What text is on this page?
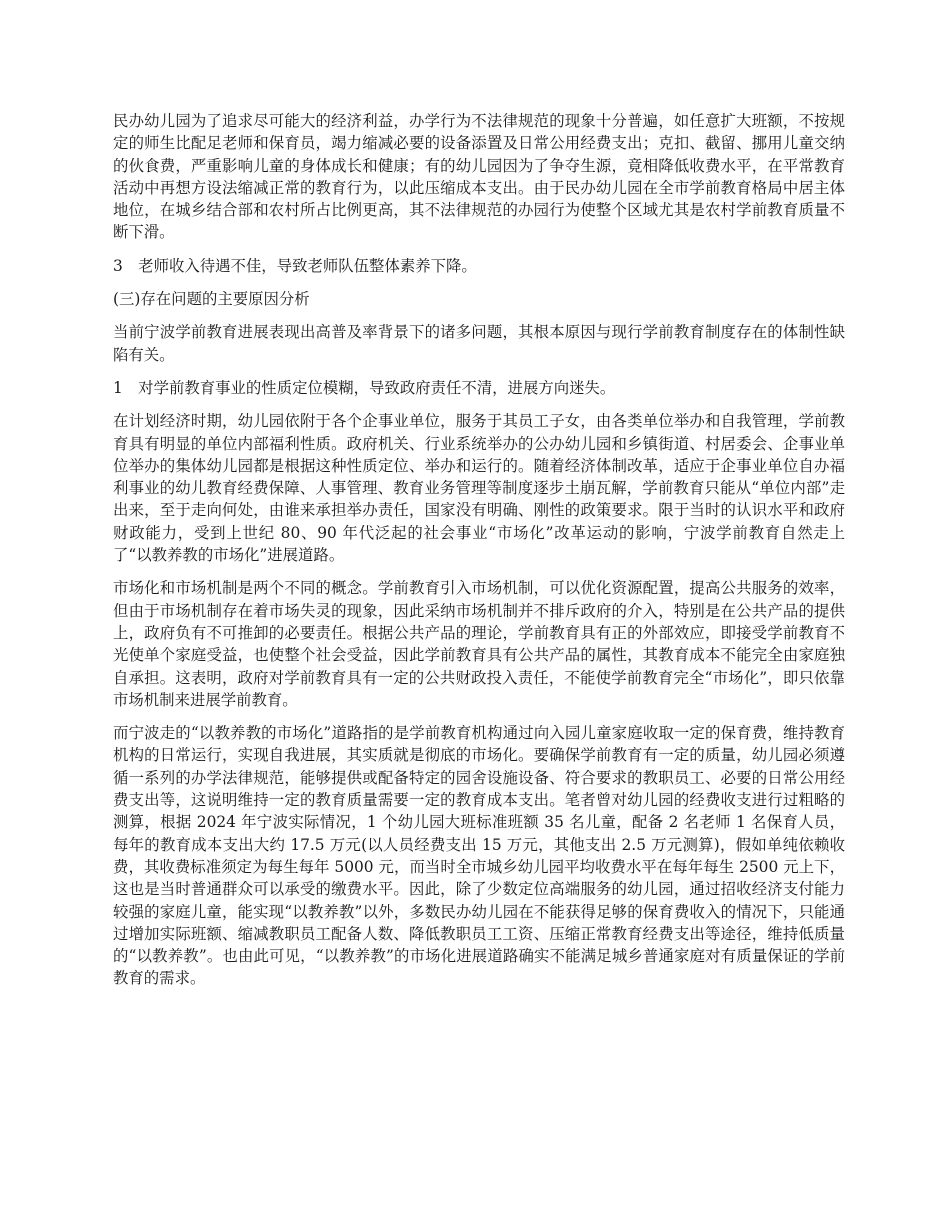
民办幼儿园为了追求尽可能大的经济利益，办学行为不法律规范的现象十分普遍，如任意扩大班额，不按规定的师生比配足老师和保育员，竭力缩减必要的设备添置及日常公用经费支出；克扣、截留、挪用儿童交纳的伙食费，严重影响儿童的身体成长和健康；有的幼儿园因为了争夺生源，竟相降低收费水平，在平常教育活动中再想方设法缩减正常的教育行为，以此压缩成本支出。由于民办幼儿园在全市学前教育格局中居主体地位，在城乡结合部和农村所占比例更高，其不法律规范的办园行为使整个区域尤其是农村学前教育质量不断下滑。

3　老师收入待遇不佳，导致老师队伍整体素养下降。

(三)存在问题的主要原因分析

当前宁波学前教育进展表现出高普及率背景下的诸多问题，其根本原因与现行学前教育制度存在的体制性缺陷有关。

1　对学前教育事业的性质定位模糊，导致政府责任不清，进展方向迷失。

在计划经济时期，幼儿园依附于各个企事业单位，服务于其员工子女，由各类单位举办和自我管理，学前教育具有明显的单位内部福利性质。政府机关、行业系统举办的公办幼儿园和乡镇街道、村居委会、企事业单位举办的集体幼儿园都是根据这种性质定位、举办和运行的。随着经济体制改革，适应于企事业单位自办福利事业的幼儿教育经费保障、人事管理、教育业务管理等制度逐步土崩瓦解，学前教育只能从“单位内部”走出来，至于走向何处，由谁来承担举办责任，国家没有明确、刚性的政策要求。限于当时的认识水平和政府财政能力，受到上世纪 80、90 年代泛起的社会事业“市场化”改革运动的影响，宁波学前教育自然走上了“以教养教的市场化”进展道路。

市场化和市场机制是两个不同的概念。学前教育引入市场机制，可以优化资源配置，提高公共服务的效率，但由于市场机制存在着市场失灵的现象，因此采纳市场机制并不排斥政府的介入，特别是在公共产品的提供上，政府负有不可推卸的必要责任。根据公共产品的理论，学前教育具有正的外部效应，即接受学前教育不光使单个家庭受益，也使整个社会受益，因此学前教育具有公共产品的属性，其教育成本不能完全由家庭独自承担。这表明，政府对学前教育具有一定的公共财政投入责任，不能使学前教育完全“市场化”，即只依靠市场机制来进展学前教育。

而宁波走的“以教养教的市场化”道路指的是学前教育机构通过向入园儿童家庭收取一定的保育费，维持教育机构的日常运行，实现自我进展，其实质就是彻底的市场化。要确保学前教育有一定的质量，幼儿园必须遵循一系列的办学法律规范，能够提供或配备特定的园舍设施设备、符合要求的教职员工、必要的日常公用经费支出等，这说明维持一定的教育质量需要一定的教育成本支出。笔者曾对幼儿园的经费收支进行过粗略的测算，根据 2024 年宁波实际情况，1 个幼儿园大班标准班额 35 名儿童，配备 2 名老师 1 名保育人员，每年的教育成本支出大约 17.5 万元(以人员经费支出 15 万元，其他支出 2.5 万元测算)，假如单纯依赖收费，其收费标准须定为每生每年 5000 元，而当时全市城乡幼儿园平均收费水平在每年每生 2500 元上下，这也是当时普通群众可以承受的缴费水平。因此，除了少数定位高端服务的幼儿园，通过招收经济支付能力较强的家庭儿童，能实现“以教养教”以外，多数民办幼儿园在不能获得足够的保育费收入的情况下，只能通过增加实际班额、缩减教职员工配备人数、降低教职员工工资、压缩正常教育经费支出等途径，维持低质量的“以教养教”。也由此可见，“以教养教”的市场化进展道路确实不能满足城乡普通家庭对有质量保证的学前教育的需求。
